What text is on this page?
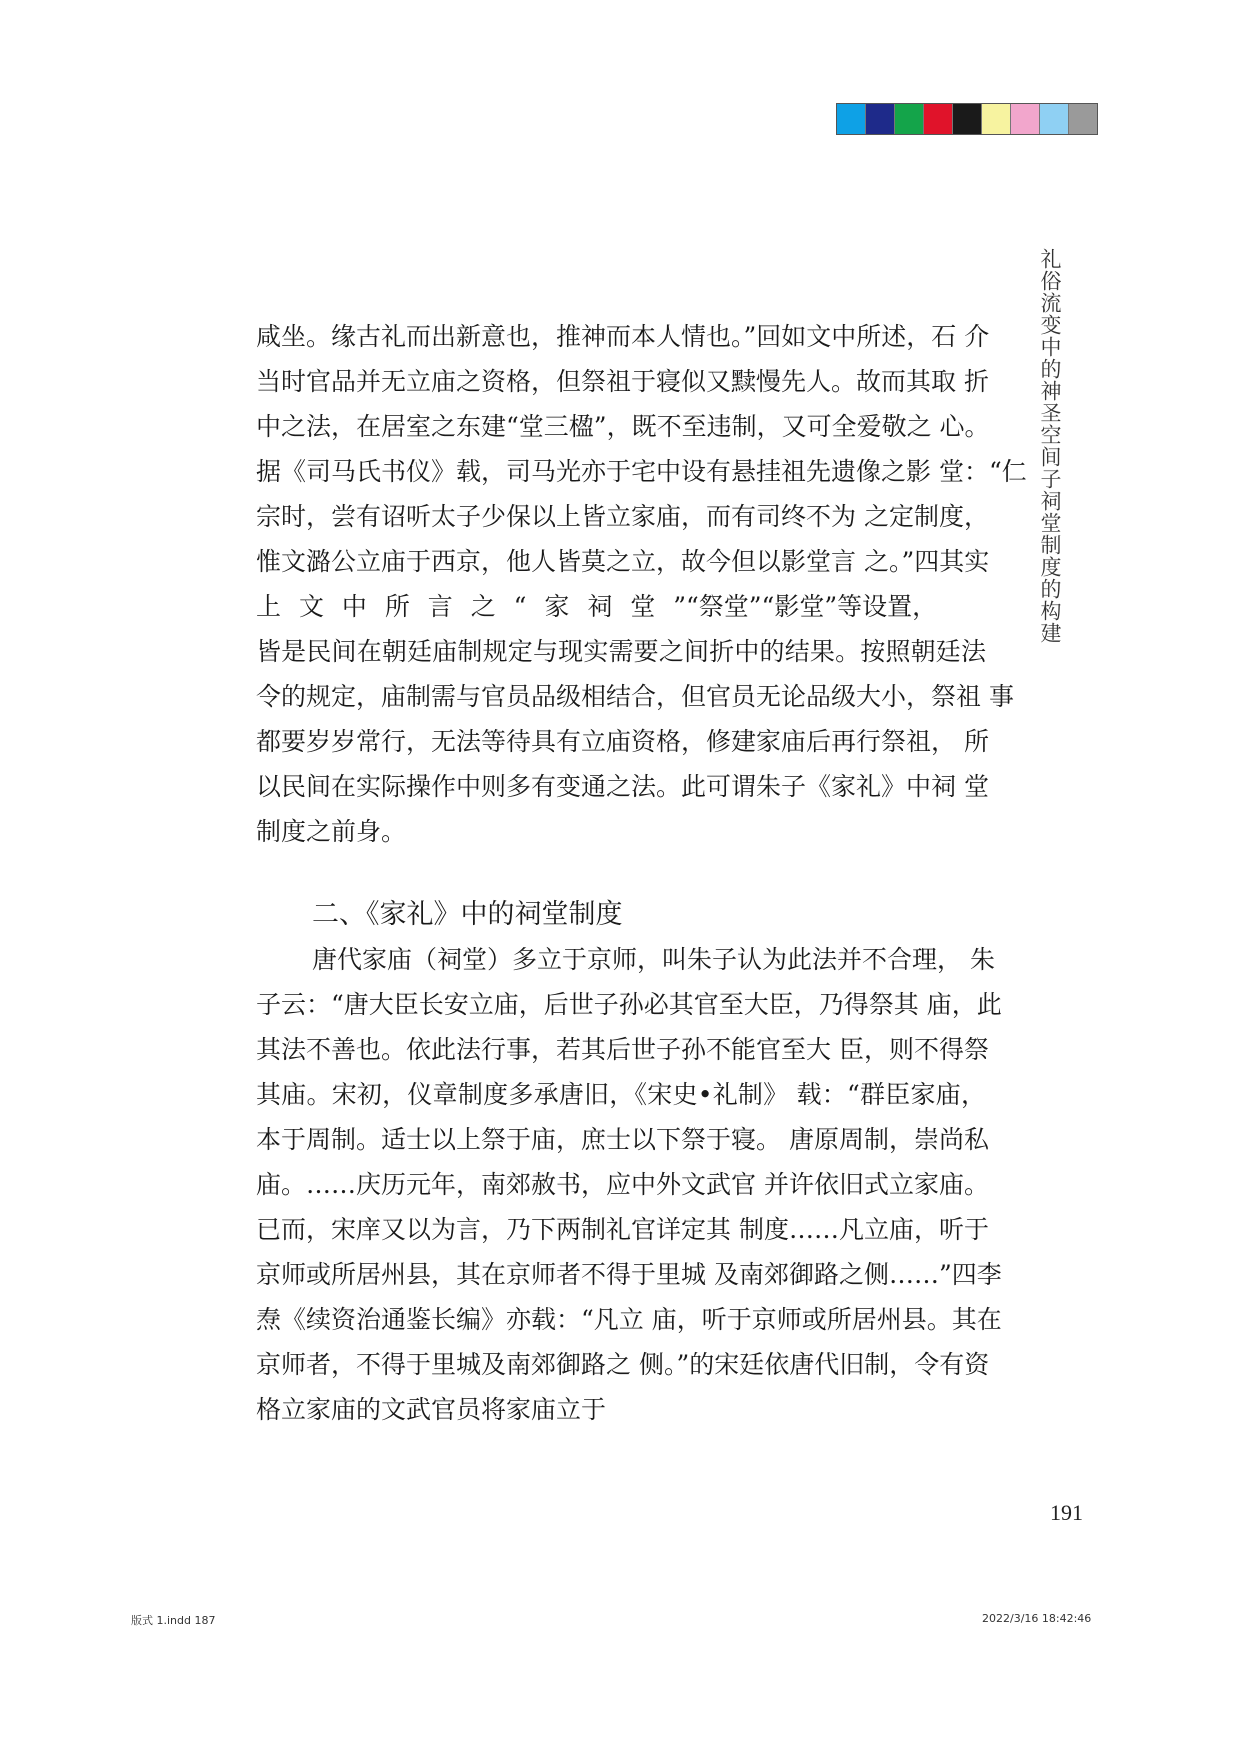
礼俗流变中的神圣空间子祠堂制度的构建
咸坐。缘古礼而出新意也，推神而本人情也。”回如文中所述，石 介
当时官品并无立庙之资格，但祭祖于寝似又黩慢先人。故而其取 折
中之法，在居室之东建“堂三楹”，既不至违制，又可全爱敬之 心。
据《司马氏书仪》载，司马光亦于宅中设有悬挂祖先遗像之影 堂：“仁
宗时，尝有诏听太子少保以上皆立家庙，而有司终不为 之定制度，
惟文潞公立庙于西京，他人皆莫之立，故今但以影堂言 之。”四其实
上文中所言之“家祠堂” “祭堂”“影堂”等设置，
皆是民间在朝廷庙制规定与现实需要之间折中的结果。按照朝廷法
令的规定，庙制需与官员品级相结合，但官员无论品级大小，祭祖 事
都要岁岁常行，无法等待具有立庙资格，修建家庙后再行祭祖， 所
以民间在实际操作中则多有变通之法。此可谓朱子《家礼》中祠 堂
制度之前身。
二、《家礼》中的祠堂制度
唐代家庙（祠堂）多立于京师，叫朱子认为此法并不合理， 朱
子云：“唐大臣长安立庙，后世子孙必其官至大臣，乃得祭其 庙，此
其法不善也。依此法行事，若其后世子孙不能官至大 臣，则不得祭
其庙。宋初，仪章制度多承唐旧，《宋史•礼制》 载：“群臣家庙，
本于周制。适士以上祭于庙，庶士以下祭于寝。 唐原周制，崇尚私
庙。……庆历元年，南郊赦书，应中外文武官 并许依旧式立家庙。
已而，宋庠又以为言，乃下两制礼官详定其 制度……凡立庙，听于
京师或所居州县，其在京师者不得于里城 及南郊御路之侧……”四李
焘《续资治通鉴长编》亦载：“凡立 庙，听于京师或所居州县。其在
京师者，不得于里城及南郊御路之 侧。”的宋廷依唐代旧制，令有资
格立家庙的文武官员将家庙立于
191
版式 1.indd 187	2022/3/16 18:42:46
